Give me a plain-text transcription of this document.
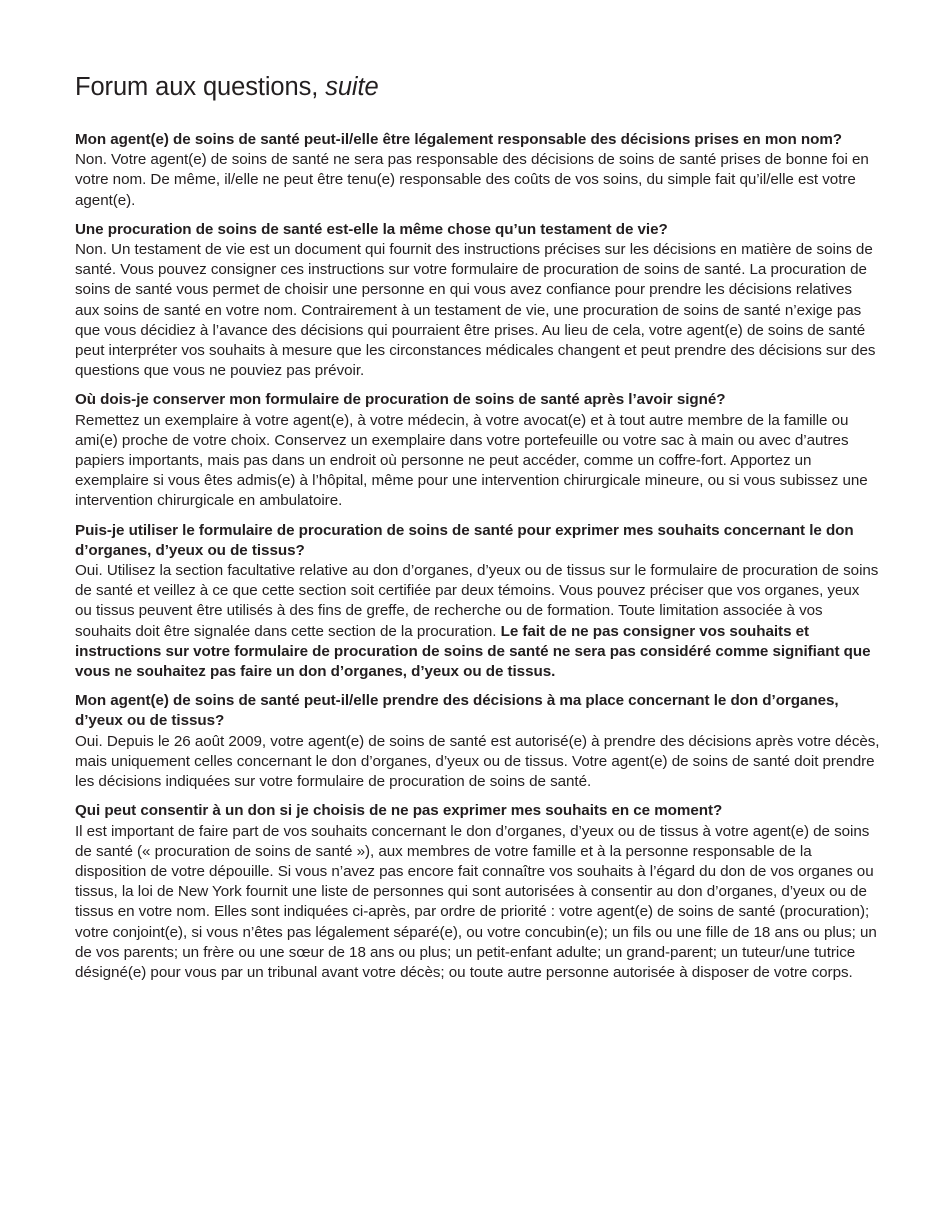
Forum aux questions, suite

Mon agent(e) de soins de santé peut-il/elle être légalement responsable des décisions prises en mon nom?

Non. Votre agent(e) de soins de santé ne sera pas responsable des décisions de soins de santé prises de bonne foi en votre nom. De même, il/elle ne peut être tenu(e) responsable des coûts de vos soins, du simple fait qu’il/elle est votre agent(e).

Une procuration de soins de santé est-elle la même chose qu’un testament de vie?

Non. Un testament de vie est un document qui fournit des instructions précises sur les décisions en matière de soins de santé. Vous pouvez consigner ces instructions sur votre formulaire de procuration de soins de santé. La procuration de soins de santé vous permet de choisir une personne en qui vous avez confiance pour prendre les décisions relatives aux soins de santé en votre nom. Contrairement à un testament de vie, une procuration de soins de santé n’exige pas que vous décidiez à l’avance des décisions qui pourraient être prises. Au lieu de cela, votre agent(e) de soins de santé peut interpréter vos souhaits à mesure que les circonstances médicales changent et peut prendre des décisions sur des questions que vous ne pouviez pas prévoir.

Où dois-je conserver mon formulaire de procuration de soins de santé après l’avoir signé?

Remettez un exemplaire à votre agent(e), à votre médecin, à votre avocat(e) et à tout autre membre de la famille ou ami(e) proche de votre choix. Conservez un exemplaire dans votre portefeuille ou votre sac à main ou avec d’autres papiers importants, mais pas dans un endroit où personne ne peut accéder, comme un coffre-fort. Apportez un exemplaire si vous êtes admis(e) à l’hôpital, même pour une intervention chirurgicale mineure, ou si vous subissez une intervention chirurgicale en ambulatoire.

Puis-je utiliser le formulaire de procuration de soins de santé pour exprimer mes souhaits concernant le don d’organes, d’yeux ou de tissus?

Oui. Utilisez la section facultative relative au don d’organes, d’yeux ou de tissus sur le formulaire de procuration de soins de santé et veillez à ce que cette section soit certifiée par deux témoins. Vous pouvez préciser que vos organes, yeux ou tissus peuvent être utilisés à des fins de greffe, de recherche ou de formation. Toute limitation associée à vos souhaits doit être signalée dans cette section de la procuration. Le fait de ne pas consigner vos souhaits et instructions sur votre formulaire de procuration de soins de santé ne sera pas considéré comme signifiant que vous ne souhaitez pas faire un don d’organes, d’yeux ou de tissus.

Mon agent(e) de soins de santé peut-il/elle prendre des décisions à ma place concernant le don d’organes, d’yeux ou de tissus?

Oui. Depuis le 26 août 2009, votre agent(e) de soins de santé est autorisé(e) à prendre des décisions après votre décès, mais uniquement celles concernant le don d’organes, d’yeux ou de tissus. Votre agent(e) de soins de santé doit prendre les décisions indiquées sur votre formulaire de procuration de soins de santé.

Qui peut consentir à un don si je choisis de ne pas exprimer mes souhaits en ce moment?

Il est important de faire part de vos souhaits concernant le don d’organes, d’yeux ou de tissus à votre agent(e) de soins de santé (« procuration de soins de santé »), aux membres de votre famille et à la personne responsable de la disposition de votre dépouille. Si vous n’avez pas encore fait connaître vos souhaits à l’égard du don de vos organes ou tissus, la loi de New York fournit une liste de personnes qui sont autorisées à consentir au don d’organes, d’yeux ou de tissus en votre nom. Elles sont indiquées ci-après, par ordre de priorité : votre agent(e) de soins de santé (procuration); votre conjoint(e), si vous n’êtes pas légalement séparé(e), ou votre concubin(e); un fils ou une fille de 18 ans ou plus; un de vos parents; un frère ou une sœur de 18 ans ou plus; un petit-enfant adulte; un grand-parent; un tuteur/une tutrice désigné(e) pour vous par un tribunal avant votre décès; ou toute autre personne autorisée à disposer de votre corps.
